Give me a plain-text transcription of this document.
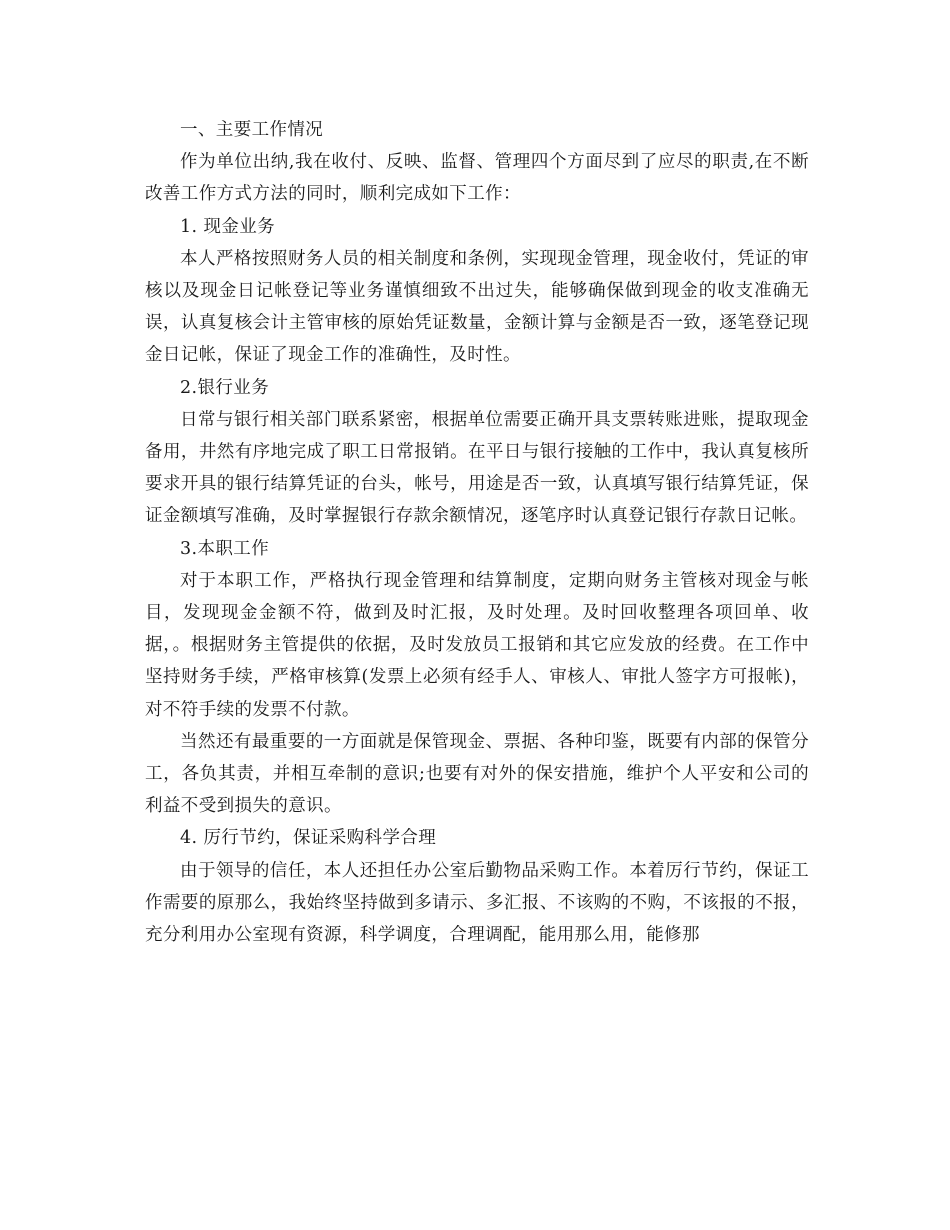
一、主要工作情况

作为单位出纳,我在收付、反映、监督、管理四个方面尽到了应尽的职责,在不断改善工作方式方法的同时，顺利完成如下工作：

1. 现金业务

本人严格按照财务人员的相关制度和条例，实现现金管理，现金收付，凭证的审核以及现金日记帐登记等业务谨慎细致不出过失，能够确保做到现金的收支准确无误，认真复核会计主管审核的原始凭证数量，金额计算与金额是否一致，逐笔登记现金日记帐，保证了现金工作的准确性，及时性。

2.银行业务

日常与银行相关部门联系紧密，根据单位需要正确开具支票转账进账，提取现金备用，井然有序地完成了职工日常报销。在平日与银行接触的工作中，我认真复核所要求开具的银行结算凭证的台头，帐号，用途是否一致，认真填写银行结算凭证，保证金额填写准确，及时掌握银行存款余额情况，逐笔序时认真登记银行存款日记帐。

3.本职工作

对于本职工作，严格执行现金管理和结算制度，定期向财务主管核对现金与帐目，发现现金金额不符，做到及时汇报，及时处理。及时回收整理各项回单、收据，。根据财务主管提供的依据，及时发放员工报销和其它应发放的经费。在工作中坚持财务手续，严格审核算(发票上必须有经手人、审核人、审批人签字方可报帐)，对不符手续的发票不付款。

当然还有最重要的一方面就是保管现金、票据、各种印鉴，既要有内部的保管分工，各负其责，并相互牵制的意识;也要有对外的保安措施，维护个人平安和公司的利益不受到损失的意识。

4. 厉行节约，保证采购科学合理

由于领导的信任，本人还担任办公室后勤物品采购工作。本着厉行节约，保证工作需要的原那么，我始终坚持做到多请示、多汇报、不该购的不购，不该报的不报，充分利用办公室现有资源，科学调度，合理调配，能用那么用，能修那
